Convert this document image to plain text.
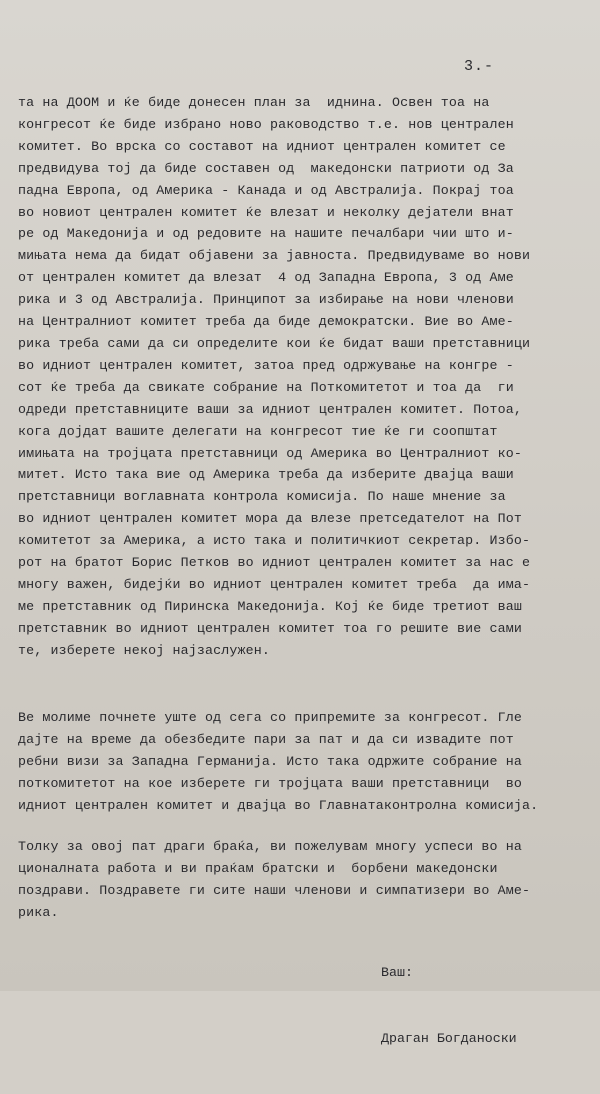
3.-
та на ДООМ и ќе биде донесен план за  иднина. Освен тоа на
конгресот ќе биде избрано ново раководство т.е. нов централен
комитет. Во врска со составот на идниот централен комитет се
предвидува тој да биде составен од  македонски патриоти од За
падна Европа, од Америка - Канада и од Австралија. Покрај тоа
во новиот централен комитет ќе влезат и неколку дејатели внат
ре од Македонија и од редовите на нашите печалбари чии што и-
мињата нема да бидат објавени за јавноста. Предвидуваме во нови
от централен комитет да влезат  4 од Западна Европа, 3 од Аме
рика и 3 од Австралија. Принципот за избирање на нови членови
на Централниот комитет треба да биде демократски. Вие во Аме-
рика треба сами да си определите кои ќе бидат ваши претставници
во идниот централен комитет, затоа пред одржување на конгре -
сот ќе треба да свикате собрание на Поткомитетот и тоа да  ги
одреди претставниците ваши за идниот централен комитет. Потоа,
кога дојдат вашите делегати на конгресот тие ќе ги соопштат
имињата на тројцата претставници од Америка во Централниот ко-
митет. Исто така вие од Америка треба да изберите двајца ваши
претставници воглавната контрола комисија. По наше мнение за
во идниот централен комитет мора да влезе претседателот на Пот
комитетот за Америка, а исто така и политичкиот секретар. Избо-
рот на братот Борис Петков во идниот централен комитет за нас е
многу важен, бидејќи во идниот централен комитет треба  да има-
ме претставник од Пиринска Македонија. Кој ќе биде третиот ваш
претставник во идниот централен комитет тоа го решите вие сами
те, изберете некој најзаслужен.
Ве молиме почнете уште од сега со припремите за конгресот. Гле
дајте на време да обезбедите пари за пат и да си извадите пот
ребни визи за Западна Германија. Исто така одржите собрание на
поткомитетот на кое изберете ги тројцата ваши претставници  во
идниот централен комитет и двајца во Главнатаконтролна комисија.
Толку за овој пат драги браќа, ви пожелувам многу успеси во на
ционалната работа и ви праќам братски и  борбени македонски
поздрави. Поздравете ги сите наши членови и симпатизери во Аме-
рика.

Ваш:

Драган Богданоски
